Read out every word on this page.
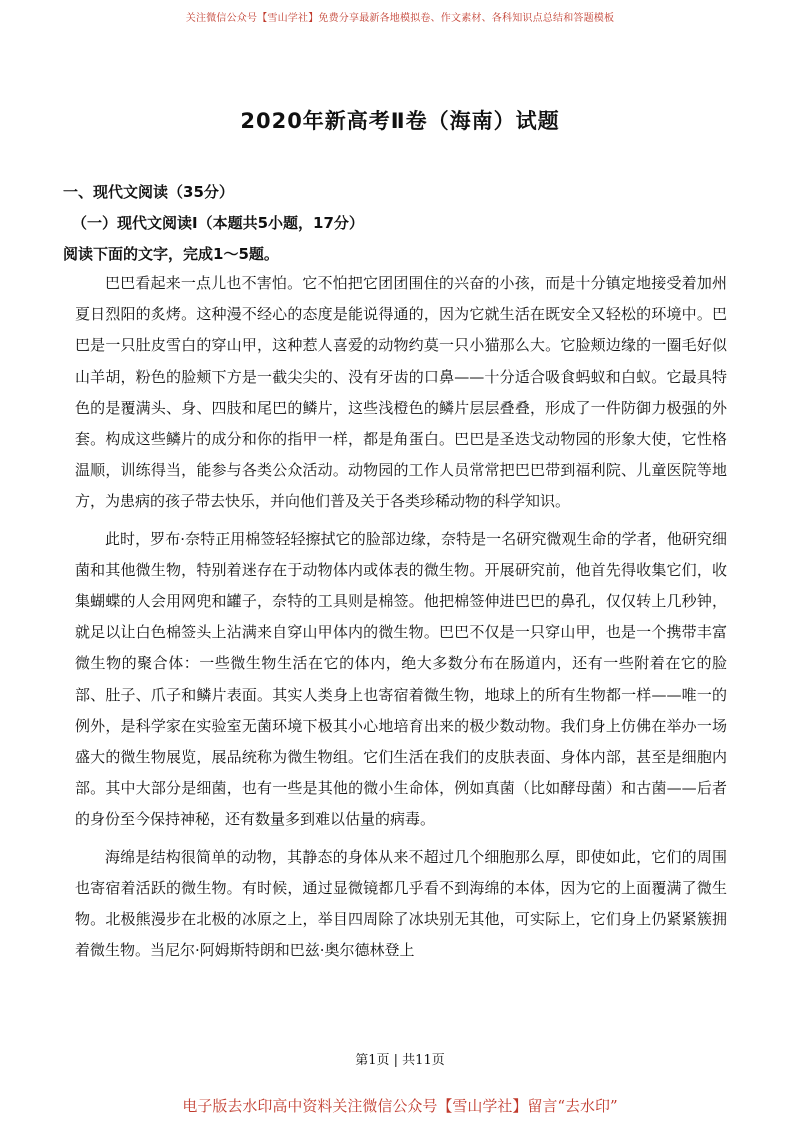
关注微信公众号【雪山学社】免费分享最新各地模拟卷、作文素材、各科知识点总结和答题模板
2020年新高考Ⅱ卷（海南）试题
一、现代文阅读（35分）
（一）现代文阅读Ⅰ（本题共5小题，17分）
阅读下面的文字，完成1～5题。

巴巴看起来一点儿也不害怕。它不怕把它团团围住的兴奋的小孩，而是十分镇定地接受着加州夏日烈阳的炙烤。这种漫不经心的态度是能说得通的，因为它就生活在既安全又轻松的环境中。巴巴是一只肚皮雪白的穿山甲，这种惹人喜爱的动物约莫一只小猫那么大。它脸颊边缘的一圈毛好似山羊胡，粉色的脸颊下方是一截尖尖的、没有牙齿的口鼻——十分适合吸食蚂蚁和白蚁。它最具特色的是覆满头、身、四肢和尾巴的鳞片，这些浅橙色的鳞片层层叠叠，形成了一件防御力极强的外套。构成这些鳞片的成分和你的指甲一样，都是角蛋白。巴巴是圣迭戈动物园的形象大使，它性格温顺，训练得当，能参与各类公众活动。动物园的工作人员常常把巴巴带到福利院、儿童医院等地方，为患病的孩子带去快乐，并向他们普及关于各类珍稀动物的科学知识。

此时，罗布·奈特正用棉签轻轻擦拭它的脸部边缘，奈特是一名研究微观生命的学者，他研究细菌和其他微生物，特别着迷存在于动物体内或体表的微生物。开展研究前，他首先得收集它们，收集蝴蝶的人会用网兜和罐子，奈特的工具则是棉签。他把棉签伸进巴巴的鼻孔，仅仅转上几秒钟，就足以让白色棉签头上沾满来自穿山甲体内的微生物。巴巴不仅是一只穿山甲，也是一个携带丰富微生物的聚合体：一些微生物生活在它的体内，绝大多数分布在肠道内，还有一些附着在它的脸部、肚子、爪子和鳞片表面。其实人类身上也寄宿着微生物，地球上的所有生物都一样——唯一的例外，是科学家在实验室无菌环境下极其小心地培育出来的极少数动物。我们身上仿佛在举办一场盛大的微生物展览，展品统称为微生物组。它们生活在我们的皮肤表面、身体内部，甚至是细胞内部。其中大部分是细菌，也有一些是其他的微小生命体，例如真菌（比如酵母菌）和古菌——后者的身份至今保持神秘，还有数量多到难以估量的病毒。

海绵是结构很简单的动物，其静态的身体从来不超过几个细胞那么厚，即使如此，它们的周围也寄宿着活跃的微生物。有时候，通过显微镜都几乎看不到海绵的本体，因为它的上面覆满了微生物。北极熊漫步在北极的冰原之上，举目四周除了冰块别无其他，可实际上，它们身上仍紧紧簇拥着微生物。当尼尔·阿姆斯特朗和巴兹·奥尔德林登上

第1页 | 共11页
电子版去水印高中资料关注微信公众号【雪山学社】留言“去水印”
